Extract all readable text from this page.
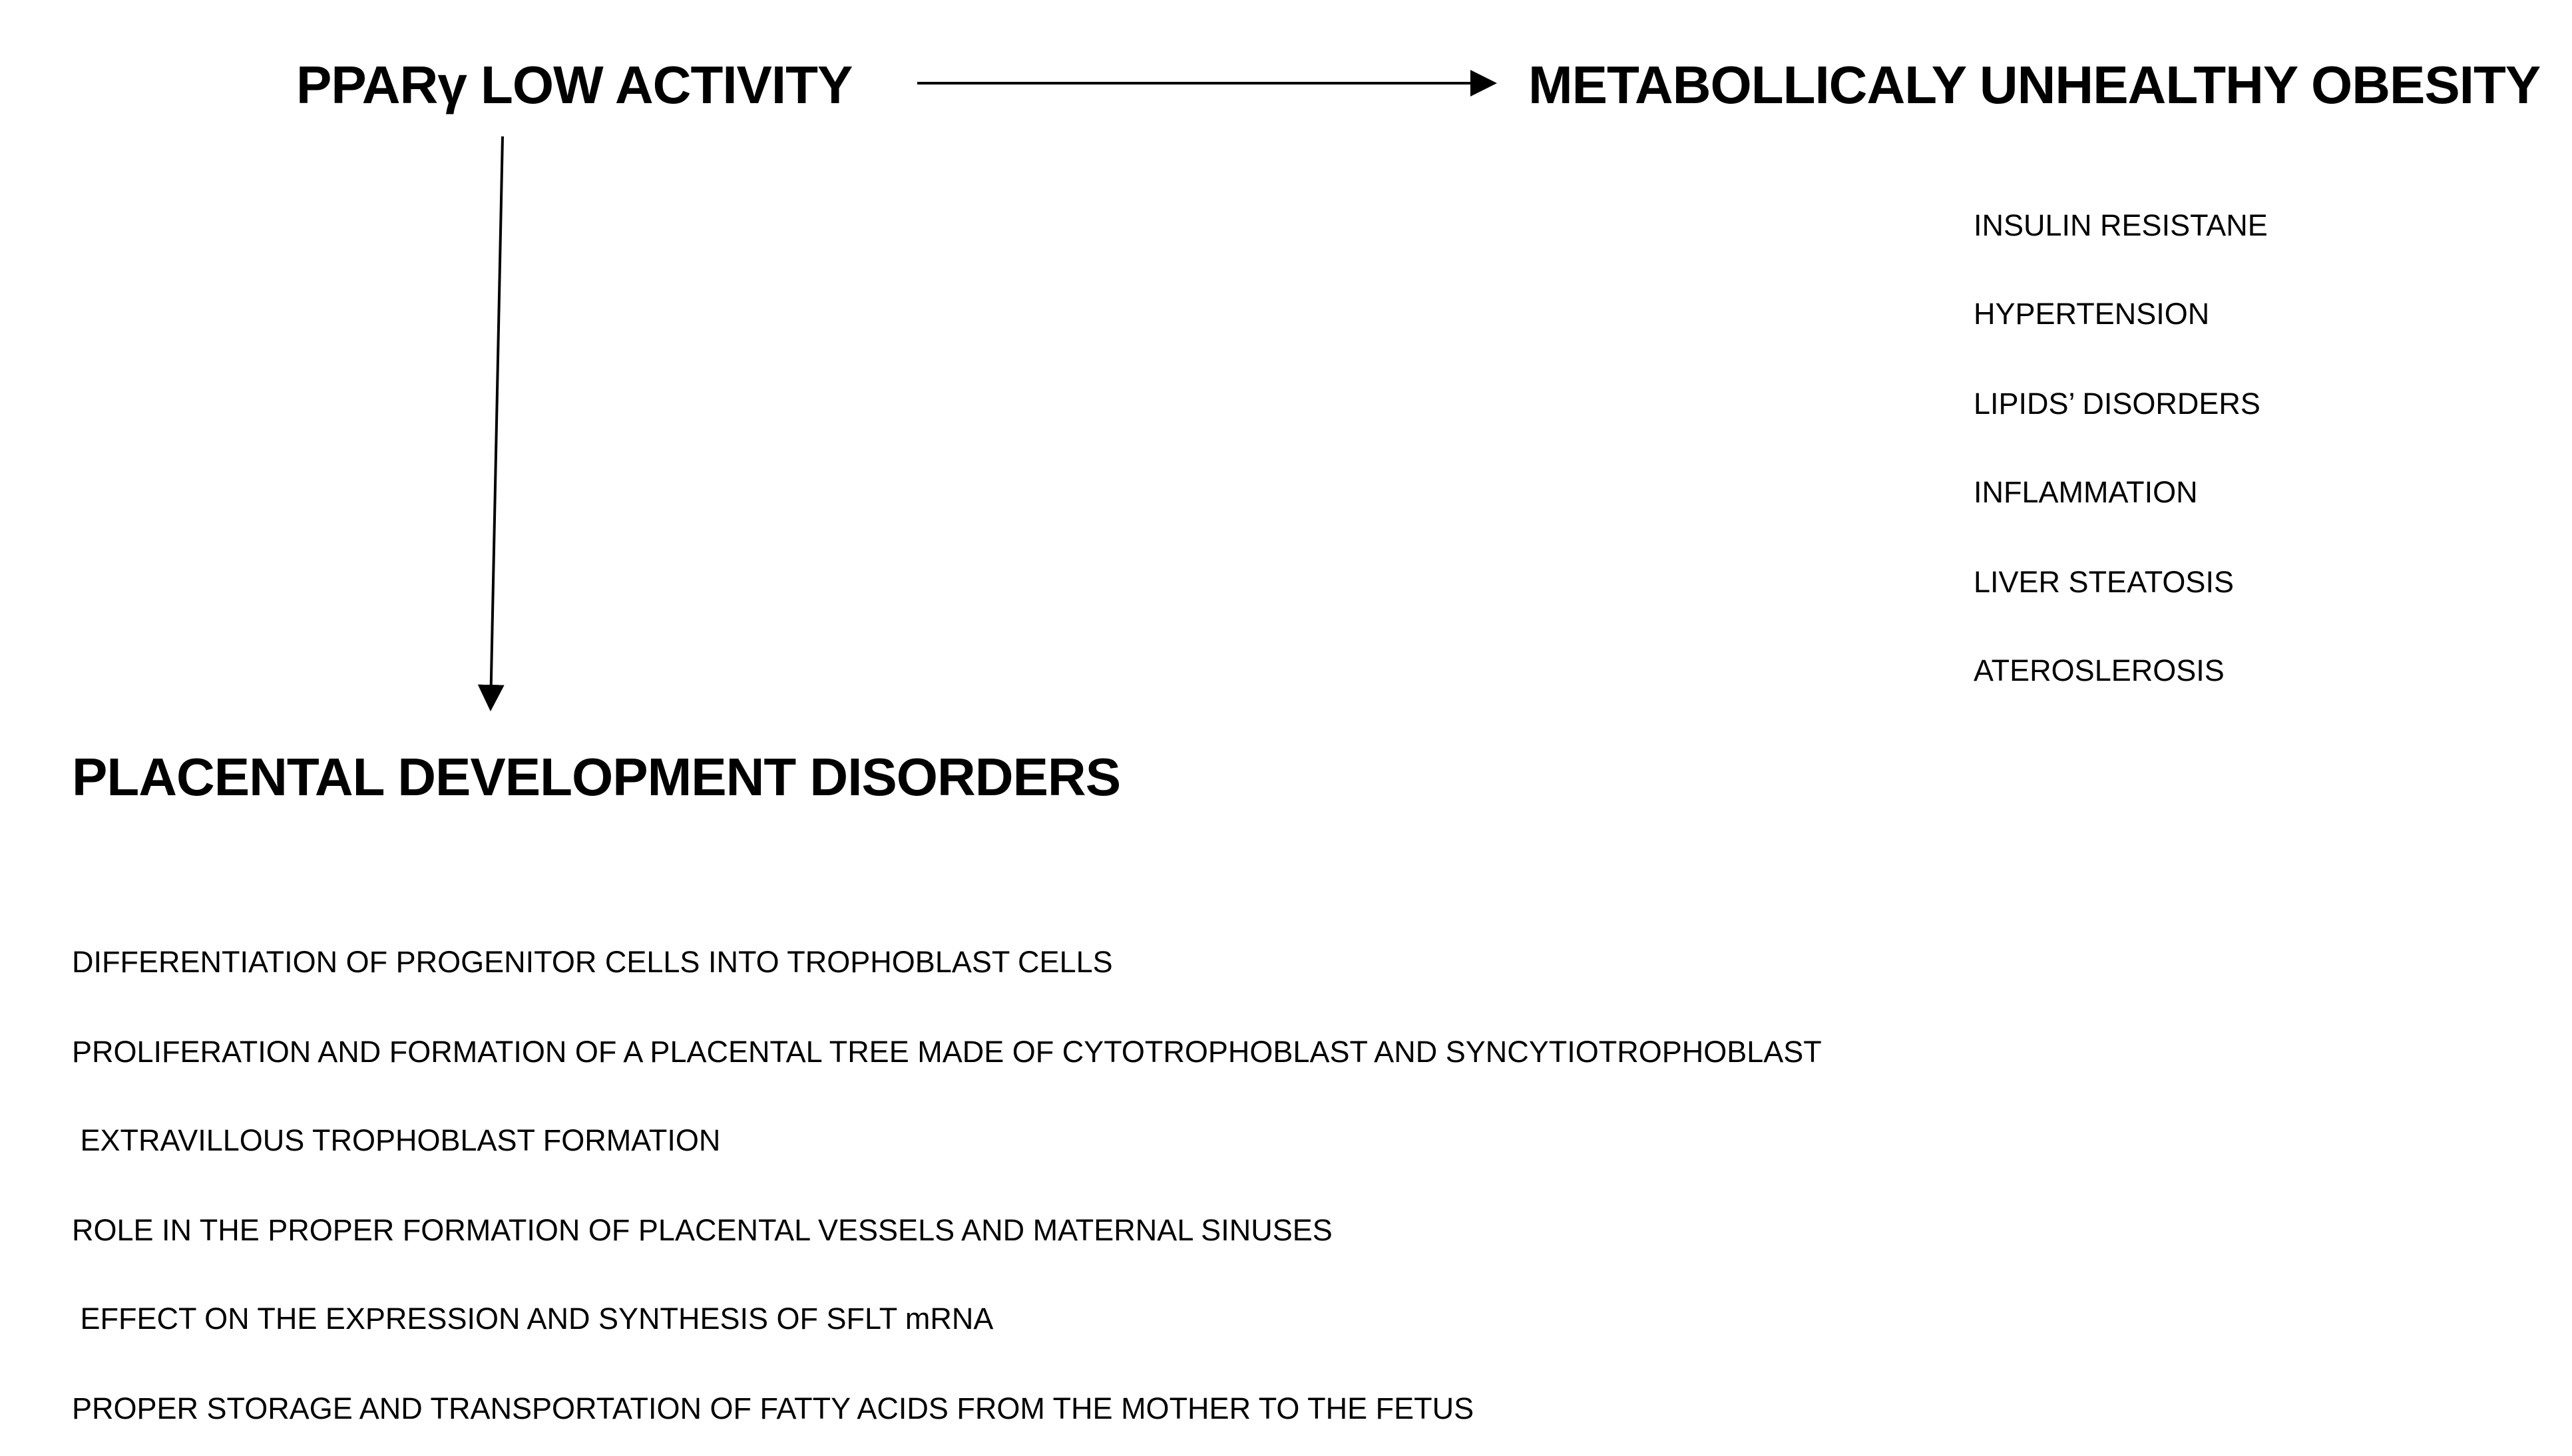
PPARγ LOW ACTIVITY	METABOLLICALY UNHEALTHY OBESITY
INSULIN RESISTANE
HYPERTENSION
LIPIDS’ DISORDERS
INFLAMMATION
LIVER STEATOSIS
ATEROSLEROSIS
PLACENTAL DEVELOPMENT DISORDERS
DIFFERENTIATION OF PROGENITOR CELLS INTO TROPHOBLAST CELLS
PROLIFERATION AND FORMATION OF A PLACENTAL TREE MADE OF CYTOTROPHOBLAST AND SYNCYTIOTROPHOBLAST
EXTRAVILLOUS TROPHOBLAST FORMATION
ROLE IN THE PROPER FORMATION OF PLACENTAL VESSELS AND MATERNAL SINUSES
EFFECT ON THE EXPRESSION AND SYNTHESIS OF SFLT mRNA
PROPER STORAGE AND TRANSPORTATION OF FATTY ACIDS FROM THE MOTHER TO THE FETUS
